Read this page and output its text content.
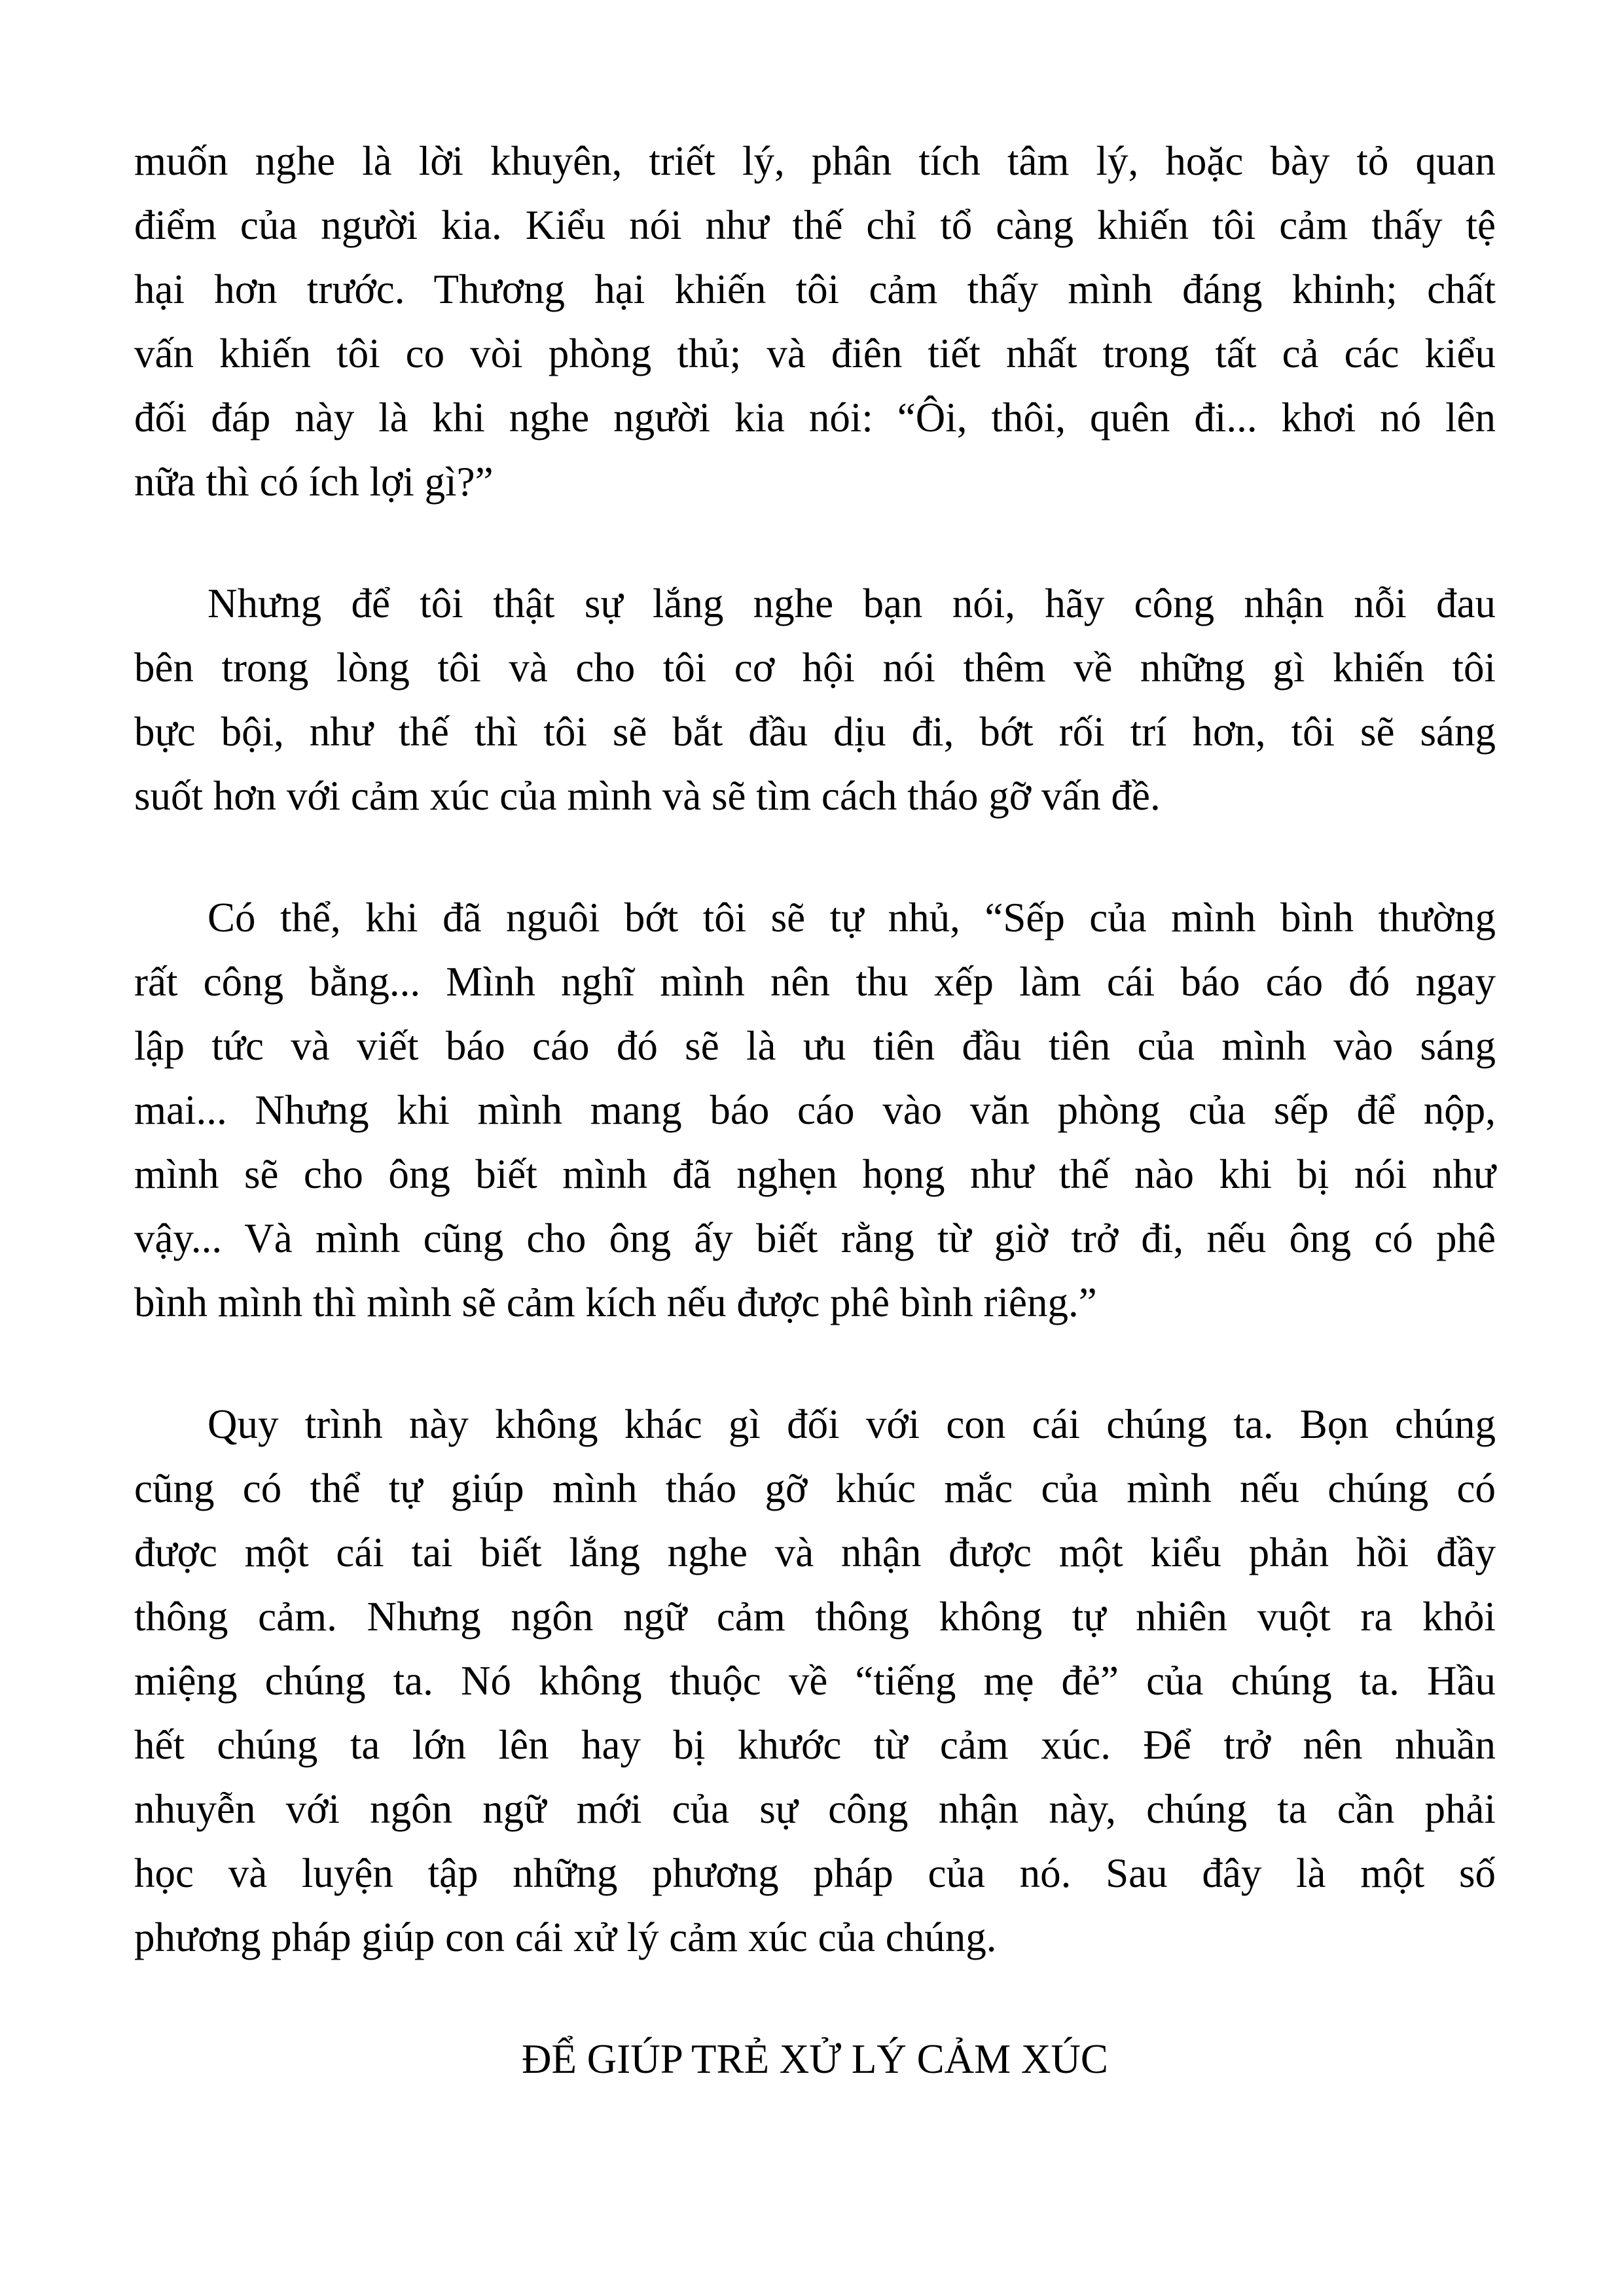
muốn nghe là lời khuyên, triết lý, phân tích tâm lý, hoặc bày tỏ quan
điểm của người kia. Kiểu nói như thế chỉ tổ càng khiến tôi cảm thấy tệ
hại hơn trước. Thương hại khiến tôi cảm thấy mình đáng khinh; chất
vấn khiến tôi co vòi phòng thủ; và điên tiết nhất trong tất cả các kiểu
đối đáp này là khi nghe người kia nói: “Ôi, thôi, quên đi... khơi nó lên
nữa thì có ích lợi gì?”

Nhưng để tôi thật sự lắng nghe bạn nói, hãy công nhận nỗi đau
bên trong lòng tôi và cho tôi cơ hội nói thêm về những gì khiến tôi
bực bội, như thế thì tôi sẽ bắt đầu dịu đi, bớt rối trí hơn, tôi sẽ sáng
suốt hơn với cảm xúc của mình và sẽ tìm cách tháo gỡ vấn đề.

Có thể, khi đã nguôi bớt tôi sẽ tự nhủ, “Sếp của mình bình thường
rất công bằng... Mình nghĩ mình nên thu xếp làm cái báo cáo đó ngay
lập tức và viết báo cáo đó sẽ là ưu tiên đầu tiên của mình vào sáng
mai... Nhưng khi mình mang báo cáo vào văn phòng của sếp để nộp,
mình sẽ cho ông biết mình đã nghẹn họng như thế nào khi bị nói như
vậy... Và mình cũng cho ông ấy biết rằng từ giờ trở đi, nếu ông có phê
bình mình thì mình sẽ cảm kích nếu được phê bình riêng.”

Quy trình này không khác gì đối với con cái chúng ta. Bọn chúng
cũng có thể tự giúp mình tháo gỡ khúc mắc của mình nếu chúng có
được một cái tai biết lắng nghe và nhận được một kiểu phản hồi đầy
thông cảm. Nhưng ngôn ngữ cảm thông không tự nhiên vuột ra khỏi
miệng chúng ta. Nó không thuộc về “tiếng mẹ đẻ” của chúng ta. Hầu
hết chúng ta lớn lên hay bị khước từ cảm xúc. Để trở nên nhuần
nhuyễn với ngôn ngữ mới của sự công nhận này, chúng ta cần phải
học và luyện tập những phương pháp của nó. Sau đây là một số
phương pháp giúp con cái xử lý cảm xúc của chúng.

ĐỂ GIÚP TRẺ XỬ LÝ CẢM XÚC
